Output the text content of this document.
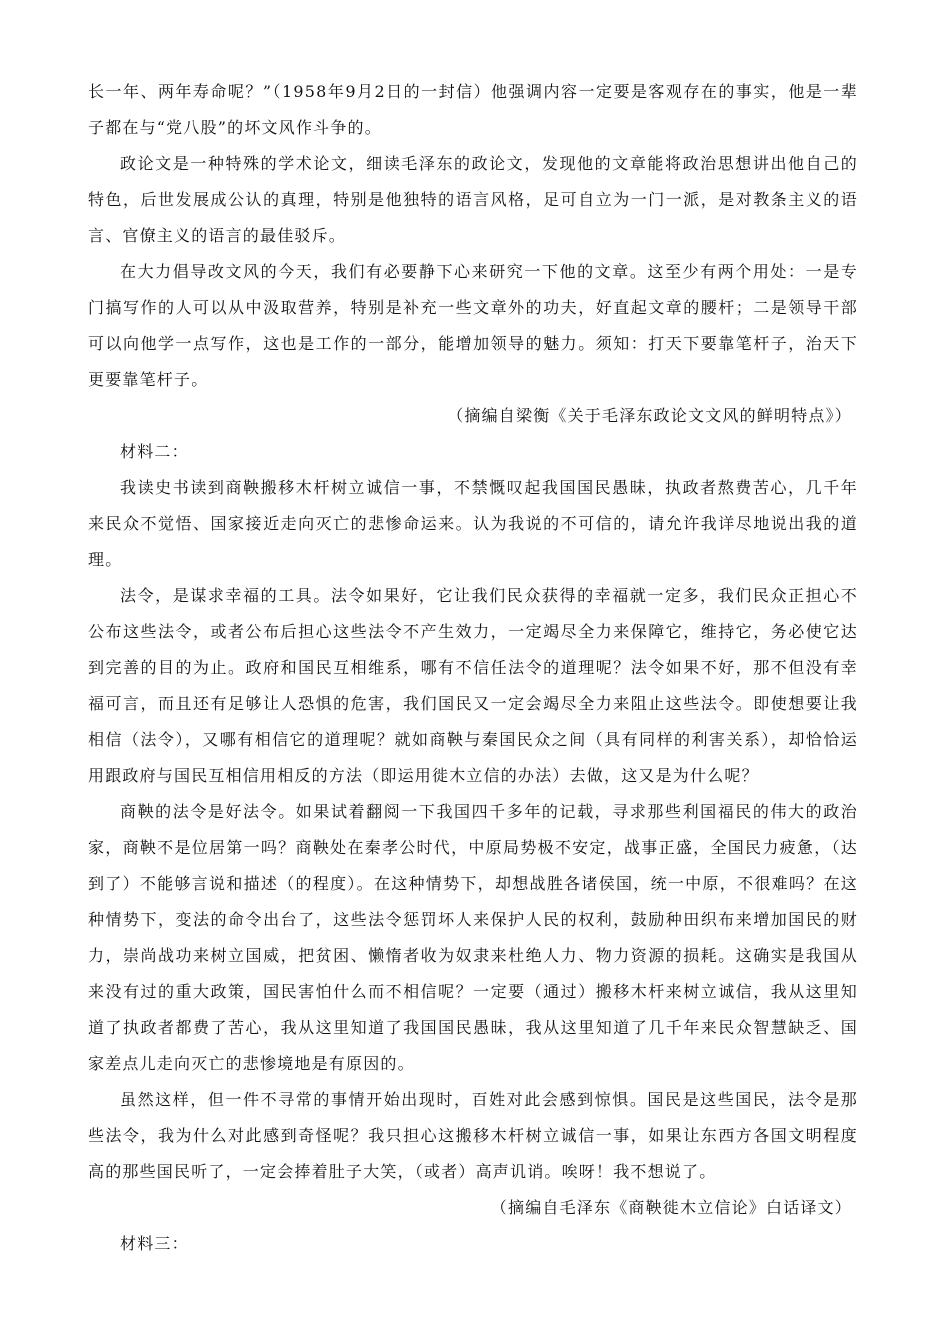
长一年、两年寿命呢？”（1958年9月2日的一封信）他强调内容一定要是客观存在的事实，他是一辈子都在与“党八股”的坏文风作斗争的。

政论文是一种特殊的学术论文，细读毛泽东的政论文，发现他的文章能将政治思想讲出他自己的特色，后世发展成公认的真理，特别是他独特的语言风格，足可自立为一门一派，是对教条主义的语言、官僚主义的语言的最佳驳斥。

在大力倡导改文风的今天，我们有必要静下心来研究一下他的文章。这至少有两个用处：一是专门搞写作的人可以从中汲取营养，特别是补充一些文章外的功夫，好直起文章的腰杆；二是领导干部可以向他学一点写作，这也是工作的一部分，能增加领导的魅力。须知：打天下要靠笔杆子，治天下更要靠笔杆子。

（摘编自梁衡《关于毛泽东政论文文风的鲜明特点》）

材料二：

我读史书读到商鞅搬移木杆树立诚信一事，不禁慨叹起我国国民愚昧，执政者熬费苦心，几千年来民众不觉悟、国家接近走向灭亡的悲惨命运来。认为我说的不可信的，请允许我详尽地说出我的道理。

法令，是谋求幸福的工具。法令如果好，它让我们民众获得的幸福就一定多，我们民众正担心不公布这些法令，或者公布后担心这些法令不产生效力，一定竭尽全力来保障它，维持它，务必使它达到完善的目的为止。政府和国民互相维系，哪有不信任法令的道理呢？法令如果不好，那不但没有幸福可言，而且还有足够让人恐惧的危害，我们国民又一定会竭尽全力来阻止这些法令。即使想要让我相信（法令），又哪有相信它的道理呢？就如商鞅与秦国民众之间（具有同样的利害关系），却恰恰运用跟政府与国民互相信用相反的方法（即运用徙木立信的办法）去做，这又是为什么呢？

商鞅的法令是好法令。如果试着翻阅一下我国四千多年的记载，寻求那些利国福民的伟大的政治家，商鞅不是位居第一吗？商鞅处在秦孝公时代，中原局势极不安定，战事正盛，全国民力疲惫，（达到了）不能够言说和描述（的程度）。在这种情势下，却想战胜各诸侯国，统一中原，不很难吗？在这种情势下，变法的命令出台了，这些法令惩罚坏人来保护人民的权利，鼓励种田织布来增加国民的财力，崇尚战功来树立国威，把贫困、懒惰者收为奴隶来杜绝人力、物力资源的损耗。这确实是我国从来没有过的重大政策，国民害怕什么而不相信呢？一定要（通过）搬移木杆来树立诚信，我从这里知道了执政者都费了苦心，我从这里知道了我国国民愚昧，我从这里知道了几千年来民众智慧缺乏、国家差点儿走向灭亡的悲惨境地是有原因的。

虽然这样，但一件不寻常的事情开始出现时，百姓对此会感到惊惧。国民是这些国民，法令是那些法令，我为什么对此感到奇怪呢？我只担心这搬移木杆树立诚信一事，如果让东西方各国文明程度高的那些国民听了，一定会捧着肚子大笑，（或者）高声讥诮。唉呀！我不想说了。

（摘编自毛泽东《商鞅徙木立信论》白话译文）

材料三：
